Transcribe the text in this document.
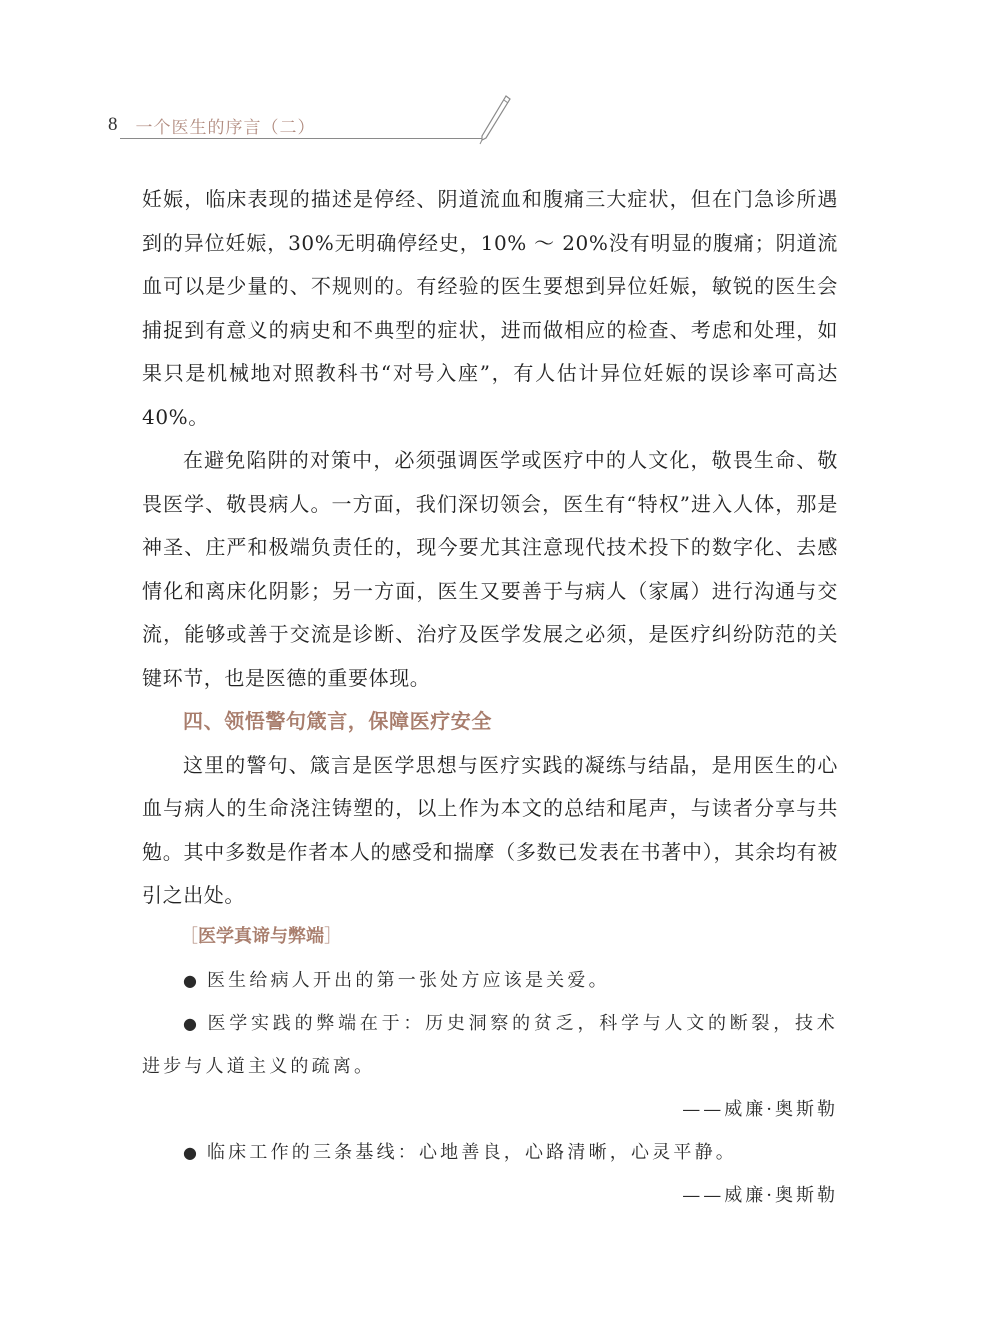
8 一个医生的序言（二）

妊娠，临床表现的描述是停经、阴道流血和腹痛三大症状，但在门急诊所遇到的异位妊娠，30%无明确停经史，10% ～ 20%没有明显的腹痛；阴道流血可以是少量的、不规则的。有经验的医生要想到异位妊娠，敏锐的医生会捕捉到有意义的病史和不典型的症状，进而做相应的检查、考虑和处理，如果只是机械地对照教科书“对号入座”，有人估计异位妊娠的误诊率可高达40%。

在避免陷阱的对策中，必须强调医学或医疗中的人文化，敬畏生命、敬畏医学、敬畏病人。一方面，我们深切领会，医生有“特权”进入人体，那是神圣、庄严和极端负责任的，现今要尤其注意现代技术投下的数字化、去感情化和离床化阴影；另一方面，医生又要善于与病人（家属）进行沟通与交流，能够或善于交流是诊断、治疗及医学发展之必须，是医疗纠纷防范的关键环节，也是医德的重要体现。

四、领悟警句箴言，保障医疗安全

这里的警句、箴言是医学思想与医疗实践的凝练与结晶，是用医生的心血与病人的生命浇注铸塑的，以上作为本文的总结和尾声，与读者分享与共勉。其中多数是作者本人的感受和揣摩（多数已发表在书著中），其余均有被引之出处。

［医学真谛与弊端］

● 医生给病人开出的第一张处方应该是关爱。

● 医学实践的弊端在于：历史洞察的贫乏，科学与人文的断裂，技术进步与人道主义的疏离。

——威廉·奥斯勒

● 临床工作的三条基线：心地善良，心路清晰，心灵平静。

——威廉·奥斯勒
